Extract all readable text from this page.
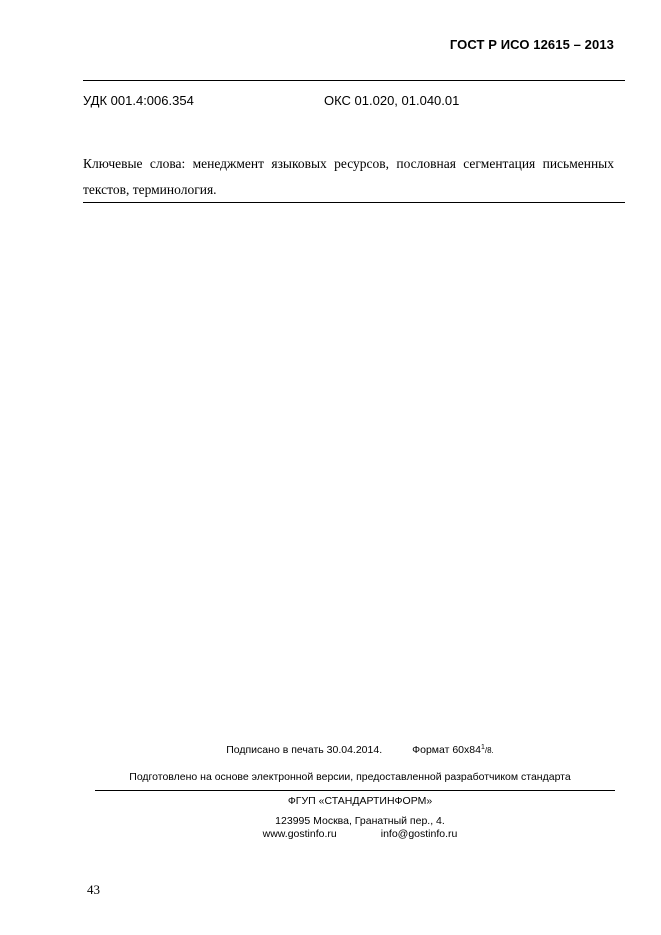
ГОСТ Р ИСО 12615 – 2013
УДК 001.4:006.354	ОКС 01.020, 01.040.01
Ключевые слова: менеджмент языковых ресурсов, пословная сегментация письменных текстов, терминология.
Подписано в печать 30.04.2014.	Формат $60х84^1/8$.
Подготовлено на основе электронной версии, предоставленной разработчиком стандарта
ФГУП «СТАНДАРТИНФОРМ»
123995 Москва, Гранатный пер., 4.
www.gostinfo.ru	info@gostinfo.ru
43
